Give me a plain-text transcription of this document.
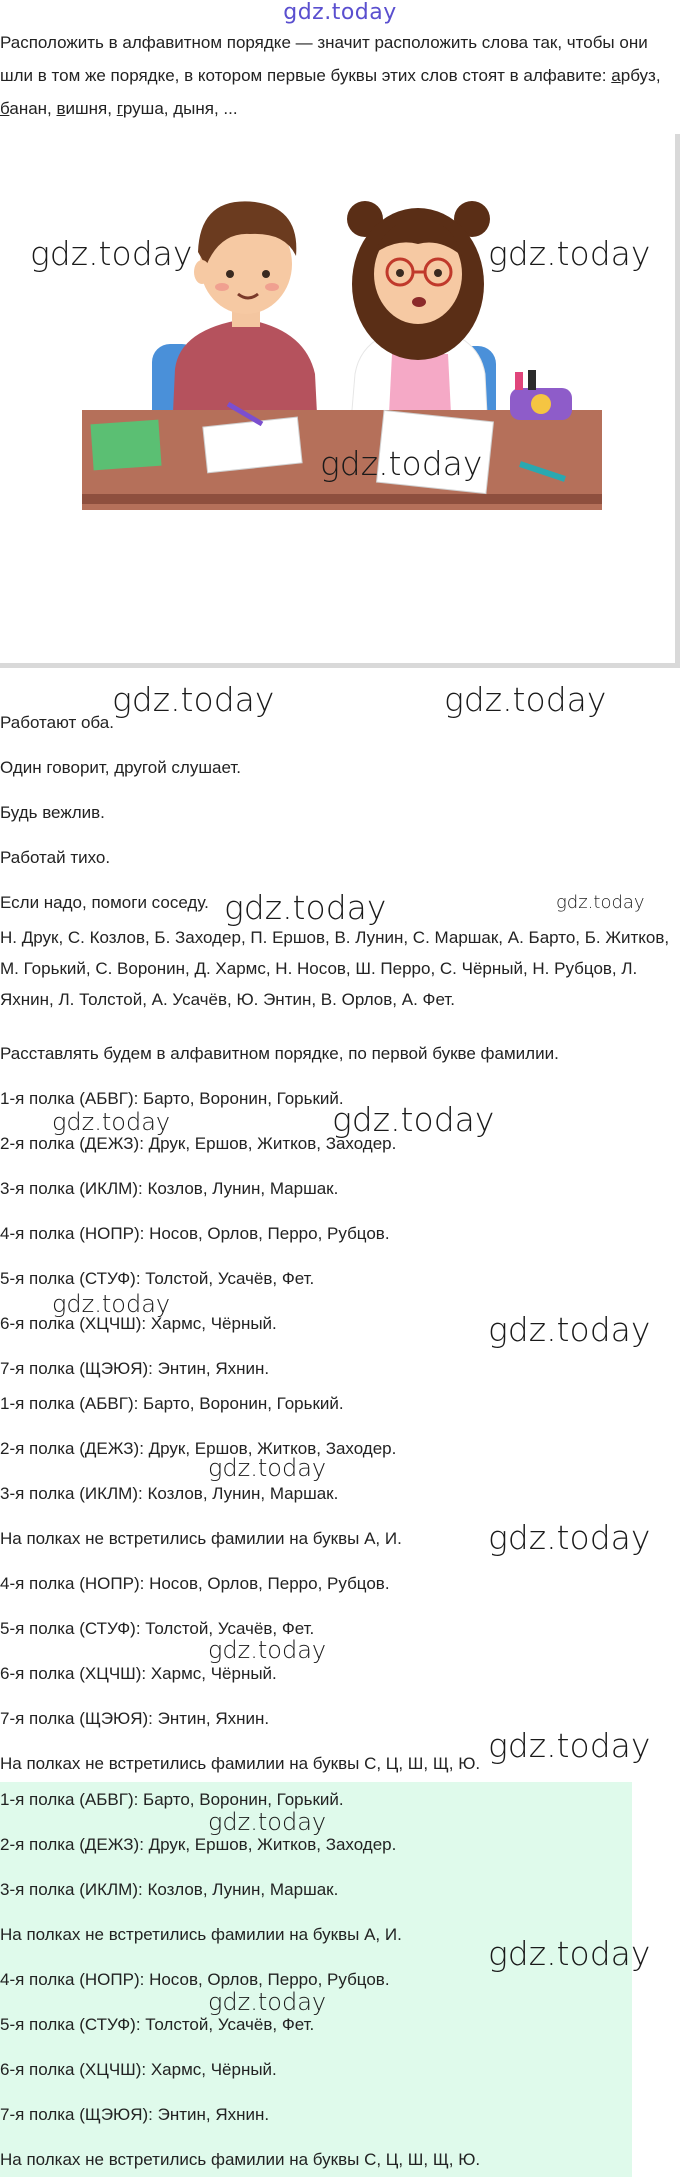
gdz.today
Расположить в алфавитном порядке — значит расположить слова так, чтобы они шли в том же порядке, в котором первые буквы этих слов стоят в алфавите: арбуз, банан, вишня, груша, дыня, ...
gdz.today	gdz.today
gdz.today
gdz.today	gdz.today
Работают оба.
Один говорит, другой слушает.
Будь вежлив.
Работай тихо.
Если надо, помоги соседу. gdz.today	gdz.today
Н. Друк, С. Козлов, Б. Заходер, П. Ершов, В. Лунин, С. Маршак, А. Барто, Б. Житков, М. Горький, С. Воронин, Д. Хармс, Н. Носов, Ш. Перро, С. Чёрный, Н. Рубцов, Л. Яхнин, Л. Толстой, А. Усачёв, Ю. Энтин, В. Орлов, А. Фет.
Расставлять будем в алфавитном порядке, по первой букве фамилии.
1-я полка (АБВГ): Барто, Воронин, Горький.
2-я полка (ДЕЖЗ): Друк, Ершов, Житков, Заходер.
3-я полка (ИКЛМ): Козлов, Лунин, Маршак.
4-я полка (НОПР): Носов, Орлов, Перро, Рубцов.
5-я полка (СТУФ): Толстой, Усачёв, Фет.
6-я полка (ХЦЧШ): Хармс, Чёрный.
7-я полка (ЩЭЮЯ): Энтин, Яхнин.
gdz.today	gdz.today
gdz.today
gdz.today
1-я полка (АБВГ): Барто, Воронин, Горький.
2-я полка (ДЕЖЗ): Друк, Ершов, Житков, Заходер.
3-я полка (ИКЛМ): Козлов, Лунин, Маршак.
На полках не встретились фамилии на буквы А, И.
4-я полка (НОПР): Носов, Орлов, Перро, Рубцов.
5-я полка (СТУФ): Толстой, Усачёв, Фет.
6-я полка (ХЦЧШ): Хармс, Чёрный.
7-я полка (ЩЭЮЯ): Энтин, Яхнин.
На полках не встретились фамилии на буквы С, Ц, Ш, Щ, Ю.
gdz.today
gdz.today
gdz.today
gdz.today
1-я полка (АБВГ): Барто, Воронин, Горький.
2-я полка (ДЕЖЗ): Друк, Ершов, Житков, Заходер.
3-я полка (ИКЛМ): Козлов, Лунин, Маршак.
На полках не встретились фамилии на буквы А, И.
4-я полка (НОПР): Носов, Орлов, Перро, Рубцов.
5-я полка (СТУФ): Толстой, Усачёв, Фет.
6-я полка (ХЦЧШ): Хармс, Чёрный.
7-я полка (ЩЭЮЯ): Энтин, Яхнин.
На полках не встретились фамилии на буквы С, Ц, Ш, Щ, Ю.
gdz.today
gdz.today
gdz.today
